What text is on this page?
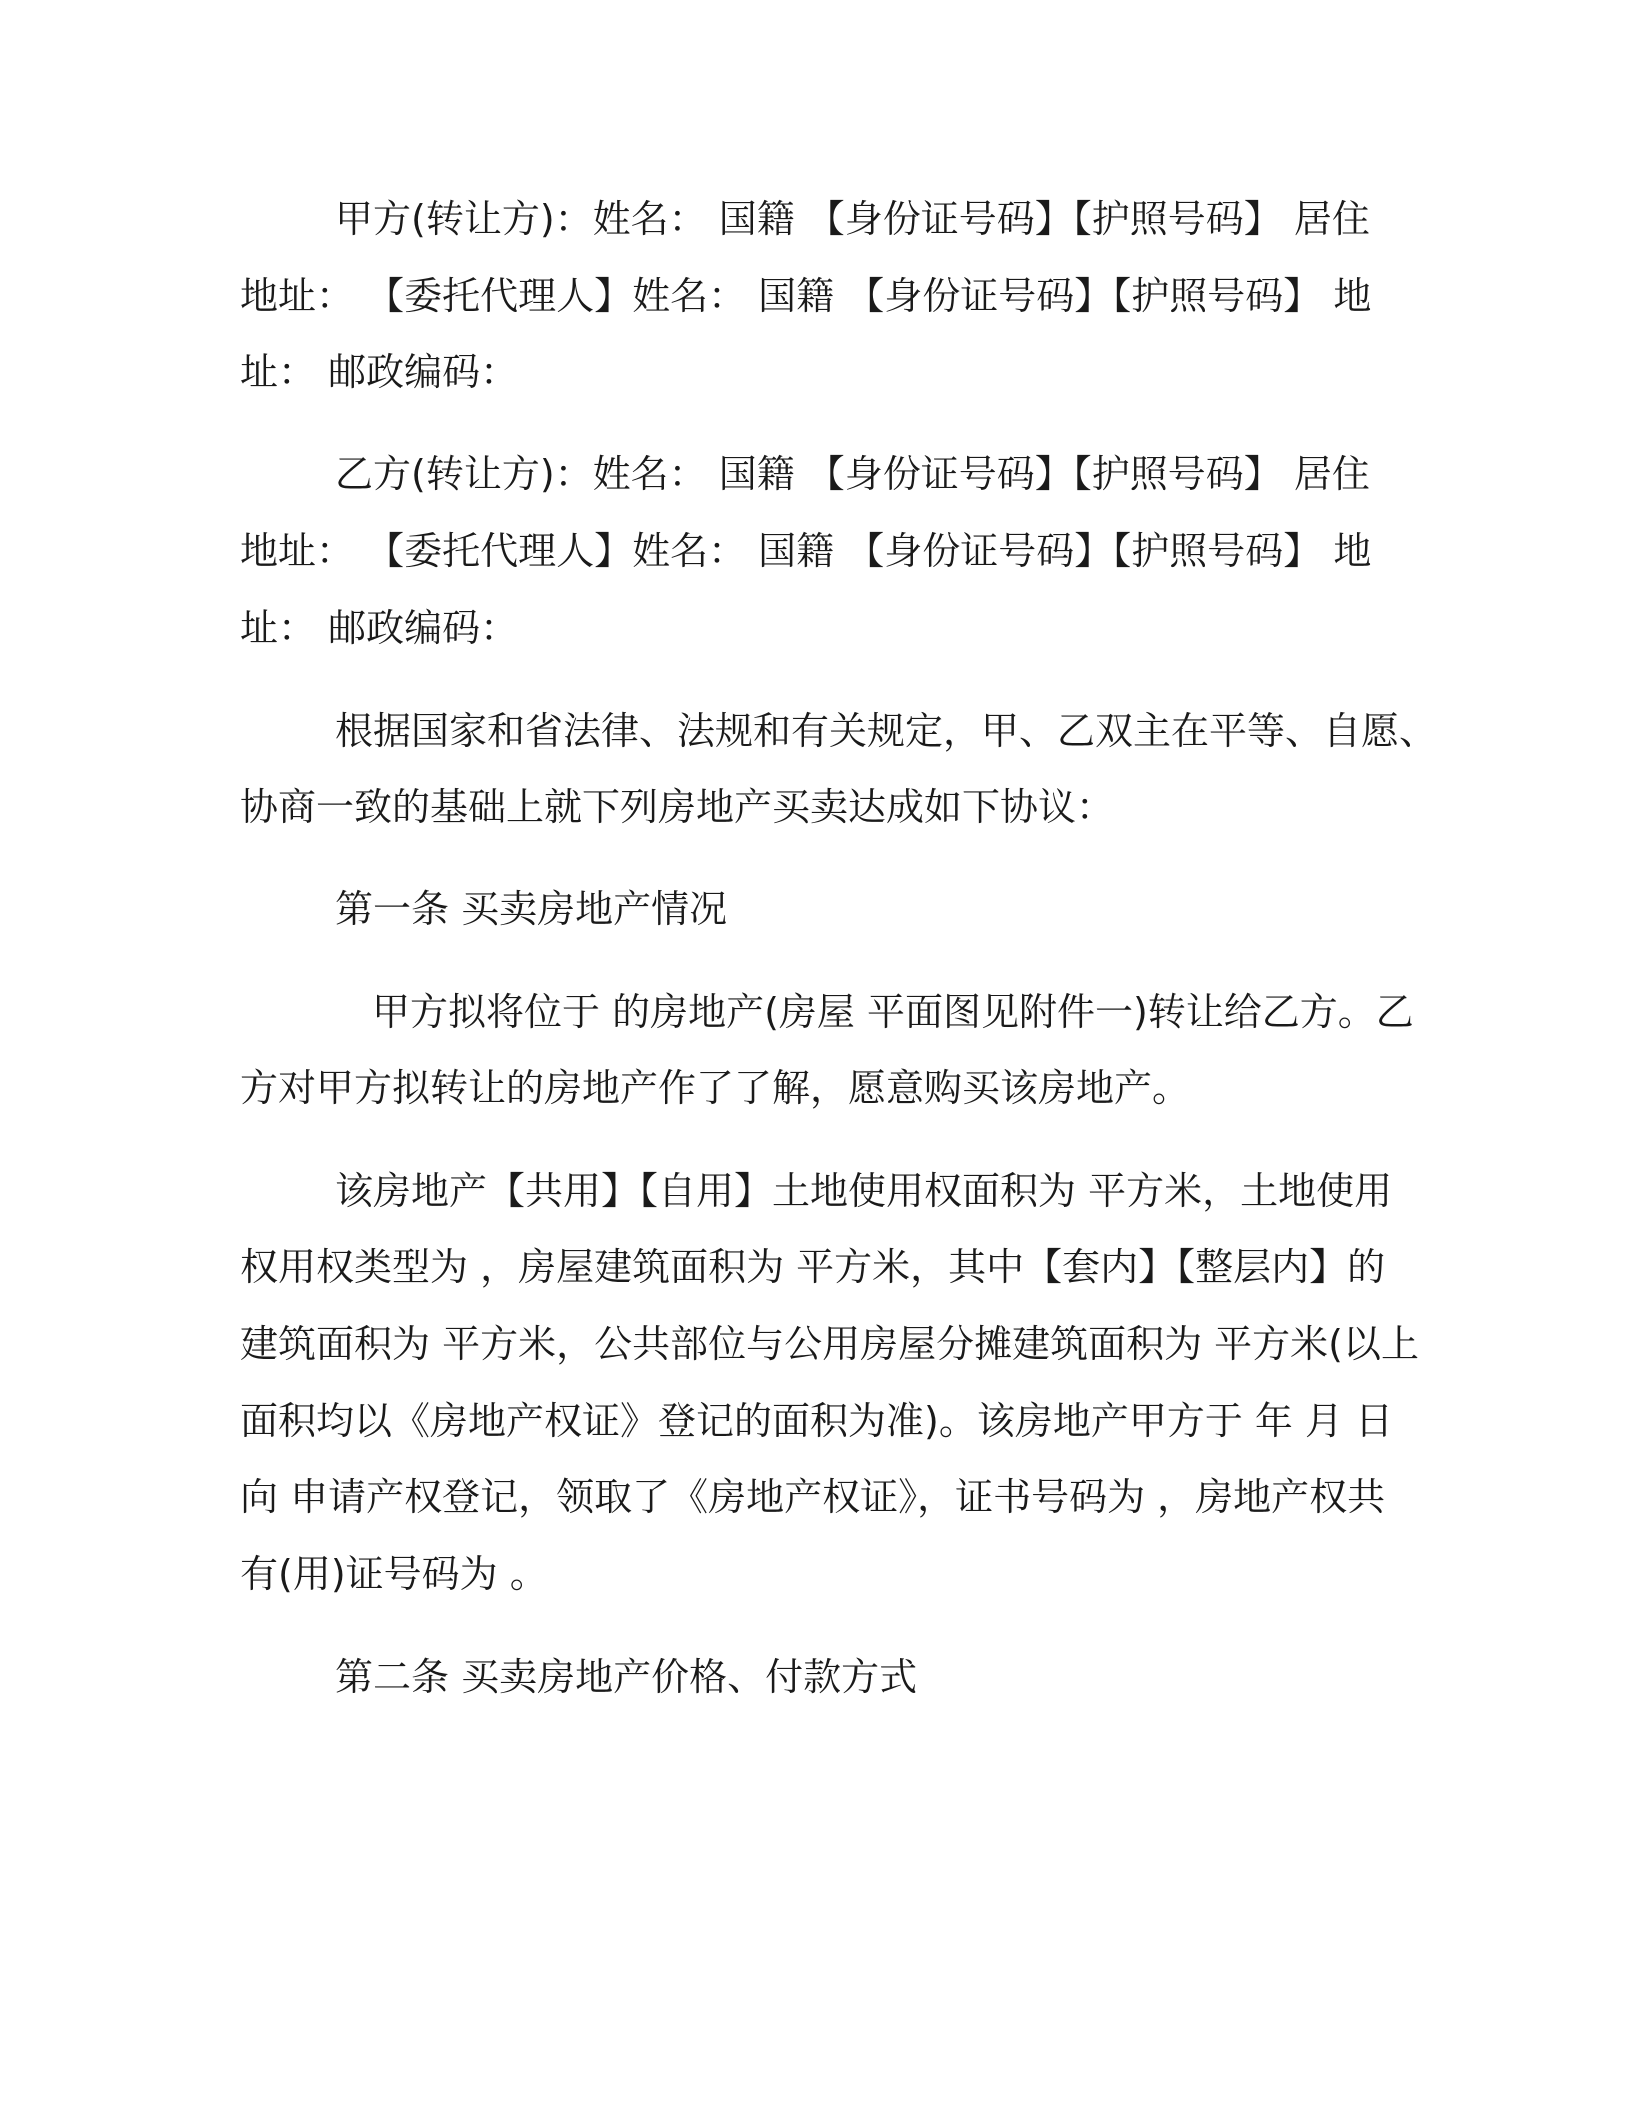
甲方(转让方)：姓名： 国籍 【身份证号码】【护照号码】 居住
地址： 【委托代理人】姓名： 国籍 【身份证号码】【护照号码】 地
址： 邮政编码：
乙方(转让方)：姓名： 国籍 【身份证号码】【护照号码】 居住
地址： 【委托代理人】姓名： 国籍 【身份证号码】【护照号码】 地
址： 邮政编码：
根据国家和省法律、法规和有关规定，甲、乙双主在平等、自愿、
协商一致的基础上就下列房地产买卖达成如下协议：
第一条 买卖房地产情况
甲方拟将位于 的房地产(房屋 平面图见附件一)转让给乙方。乙
方对甲方拟转让的房地产作了了解，愿意购买该房地产。
该房地产【共用】【自用】土地使用权面积为 平方米，土地使用
权用权类型为 ，房屋建筑面积为 平方米，其中【套内】【整层内】的
建筑面积为 平方米，公共部位与公用房屋分摊建筑面积为 平方米(以上
面积均以《房地产权证》登记的面积为准)。该房地产甲方于 年 月 日
向 申请产权登记，领取了《房地产权证》，证书号码为 ，房地产权共
有(用)证号码为 。
第二条 买卖房地产价格、付款方式
